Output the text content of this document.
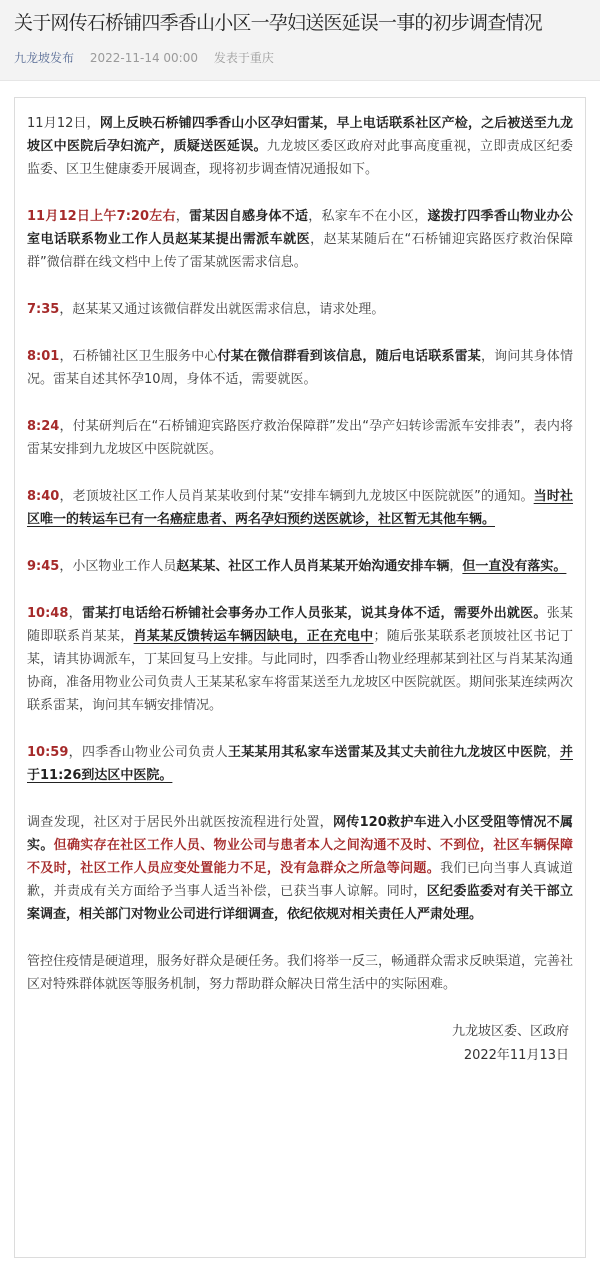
关于网传石桥铺四季香山小区一孕妇送医延误一事的初步调查情况
九龙坡发布 2022-11-14 00:00 发表于重庆

11月12日，网上反映石桥铺四季香山小区孕妇雷某，早上电话联系社区产检，之后被送至九龙坡区中医院后孕妇流产，质疑送医延误。九龙坡区委区政府对此事高度重视，立即责成区纪委监委、区卫生健康委开展调查，现将初步调查情况通报如下。

11月12日上午7:20左右，雷某因自感身体不适，私家车不在小区，遂拨打四季香山物业办公室电话联系物业工作人员赵某某提出需派车就医，赵某某随后在“石桥铺迎宾路医疗救治保障群”微信群在线文档中上传了雷某就医需求信息。

7:35，赵某某又通过该微信群发出就医需求信息，请求处理。

8:01，石桥铺社区卫生服务中心付某在微信群看到该信息，随后电话联系雷某，询问其身体情况。雷某自述其怀孕10周，身体不适，需要就医。

8:24，付某研判后在“石桥铺迎宾路医疗救治保障群”发出“孕产妇转诊需派车安排表”，表内将雷某安排到九龙坡区中医院就医。

8:40，老顶坡社区工作人员肖某某收到付某“安排车辆到九龙坡区中医院就医”的通知。当时社区唯一的转运车已有一名癌症患者、两名孕妇预约送医就诊，社区暂无其他车辆。

9:45，小区物业工作人员赵某某、社区工作人员肖某某开始沟通安排车辆，但一直没有落实。

10:48，雷某打电话给石桥铺社会事务办工作人员张某，说其身体不适，需要外出就医。张某随即联系肖某某，肖某某反馈转运车辆因缺电，正在充电中；随后张某联系老顶坡社区书记丁某，请其协调派车，丁某回复马上安排。与此同时，四季香山物业经理郝某到社区与肖某某沟通协商，准备用物业公司负责人王某某私家车将雷某送至九龙坡区中医院就医。期间张某连续两次联系雷某，询问其车辆安排情况。

10:59，四季香山物业公司负责人王某某用其私家车送雷某及其丈夫前往九龙坡区中医院，并于11:26到达区中医院。

调查发现，社区对于居民外出就医按流程进行处置，网传120救护车进入小区受阻等情况不属实。但确实存在社区工作人员、物业公司与患者本人之间沟通不及时、不到位，社区车辆保障不及时，社区工作人员应变处置能力不足，没有急群众之所急等问题。我们已向当事人真诚道歉，并责成有关方面给予当事人适当补偿，已获当事人谅解。同时，区纪委监委对有关干部立案调查，相关部门对物业公司进行详细调查，依纪依规对相关责任人严肃处理。

管控住疫情是硬道理，服务好群众是硬任务。我们将举一反三，畅通群众需求反映渠道，完善社区对特殊群体就医等服务机制，努力帮助群众解决日常生活中的实际困难。

九龙坡区委、区政府
2022年11月13日
